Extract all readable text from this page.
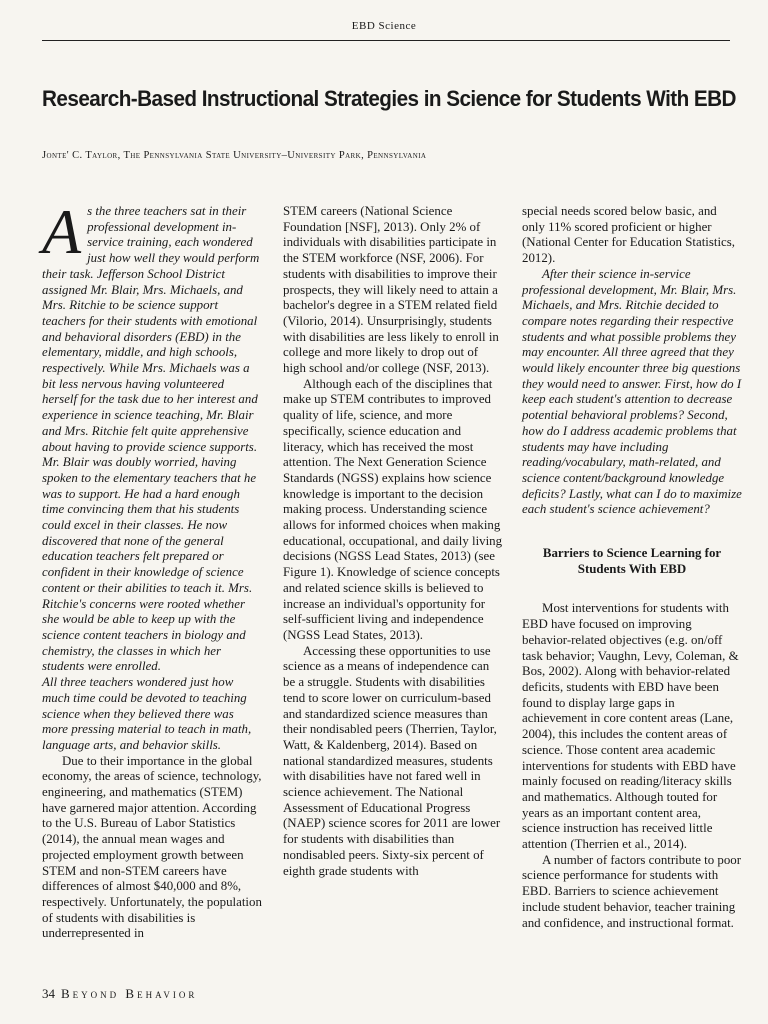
EBD Science
Research-Based Instructional Strategies in Science for Students With EBD
Jonte' C. Taylor, The Pennsylvania State University–University Park, Pennsylvania

As the three teachers sat in their professional development in-service training, each wondered just how well they would perform their task. Jefferson School District assigned Mr. Blair, Mrs. Michaels, and Mrs. Ritchie to be science support teachers for their students with emotional and behavioral disorders (EBD) in the elementary, middle, and high schools, respectively. While Mrs. Michaels was a bit less nervous having volunteered herself for the task due to her interest and experience in science teaching, Mr. Blair and Mrs. Ritchie felt quite apprehensive about having to provide science supports. Mr. Blair was doubly worried, having spoken to the elementary teachers that he was to support. He had a hard enough time convincing them that his students could excel in their classes. He now discovered that none of the general education teachers felt prepared or confident in their knowledge of science content or their abilities to teach it. Mrs. Ritchie's concerns were rooted whether she would be able to keep up with the science content teachers in biology and chemistry, the classes in which her students were enrolled.

All three teachers wondered just how much time could be devoted to teaching science when they believed there was more pressing material to teach in math, language arts, and behavior skills.

Due to their importance in the global economy, the areas of science, technology, engineering, and mathematics (STEM) have garnered major attention. According to the U.S. Bureau of Labor Statistics (2014), the annual mean wages and projected employment growth between STEM and non-STEM careers have differences of almost $40,000 and 8%, respectively. Unfortunately, the population of students with disabilities is underrepresented in

STEM careers (National Science Foundation [NSF], 2013). Only 2% of individuals with disabilities participate in the STEM workforce (NSF, 2006). For students with disabilities to improve their prospects, they will likely need to attain a bachelor's degree in a STEM related field (Vilorio, 2014). Unsurprisingly, students with disabilities are less likely to enroll in college and more likely to drop out of high school and/or college (NSF, 2013).

Although each of the disciplines that make up STEM contributes to improved quality of life, science, and more specifically, science education and literacy, which has received the most attention. The Next Generation Science Standards (NGSS) explains how science knowledge is important to the decision making process. Understanding science allows for informed choices when making educational, occupational, and daily living decisions (NGSS Lead States, 2013) (see Figure 1). Knowledge of science concepts and related science skills is believed to increase an individual's opportunity for self-sufficient living and independence (NGSS Lead States, 2013).

Accessing these opportunities to use science as a means of independence can be a struggle. Students with disabilities tend to score lower on curriculum-based and standardized science measures than their nondisabled peers (Therrien, Taylor, Watt, & Kaldenberg, 2014). Based on national standardized measures, students with disabilities have not fared well in science achievement. The National Assessment of Educational Progress (NAEP) science scores for 2011 are lower for students with disabilities than nondisabled peers. Sixty-six percent of eighth grade students with

special needs scored below basic, and only 11% scored proficient or higher (National Center for Education Statistics, 2012).

After their science in-service professional development, Mr. Blair, Mrs. Michaels, and Mrs. Ritchie decided to compare notes regarding their respective students and what possible problems they may encounter. All three agreed that they would likely encounter three big questions they would need to answer. First, how do I keep each student's attention to decrease potential behavioral problems? Second, how do I address academic problems that students may have including reading/vocabulary, math-related, and science content/background knowledge deficits? Lastly, what can I do to maximize each student's science achievement?

Barriers to Science Learning for Students With EBD

Most interventions for students with EBD have focused on improving behavior-related objectives (e.g. on/off task behavior; Vaughn, Levy, Coleman, & Bos, 2002). Along with behavior-related deficits, students with EBD have been found to display large gaps in achievement in core content areas (Lane, 2004), this includes the content areas of science. Those content area academic interventions for students with EBD have mainly focused on reading/literacy skills and mathematics. Although touted for years as an important content area, science instruction has received little attention (Therrien et al., 2014).

A number of factors contribute to poor science performance for students with EBD. Barriers to science achievement include student behavior, teacher training and confidence, and instructional format.

34 Beyond Behavior
